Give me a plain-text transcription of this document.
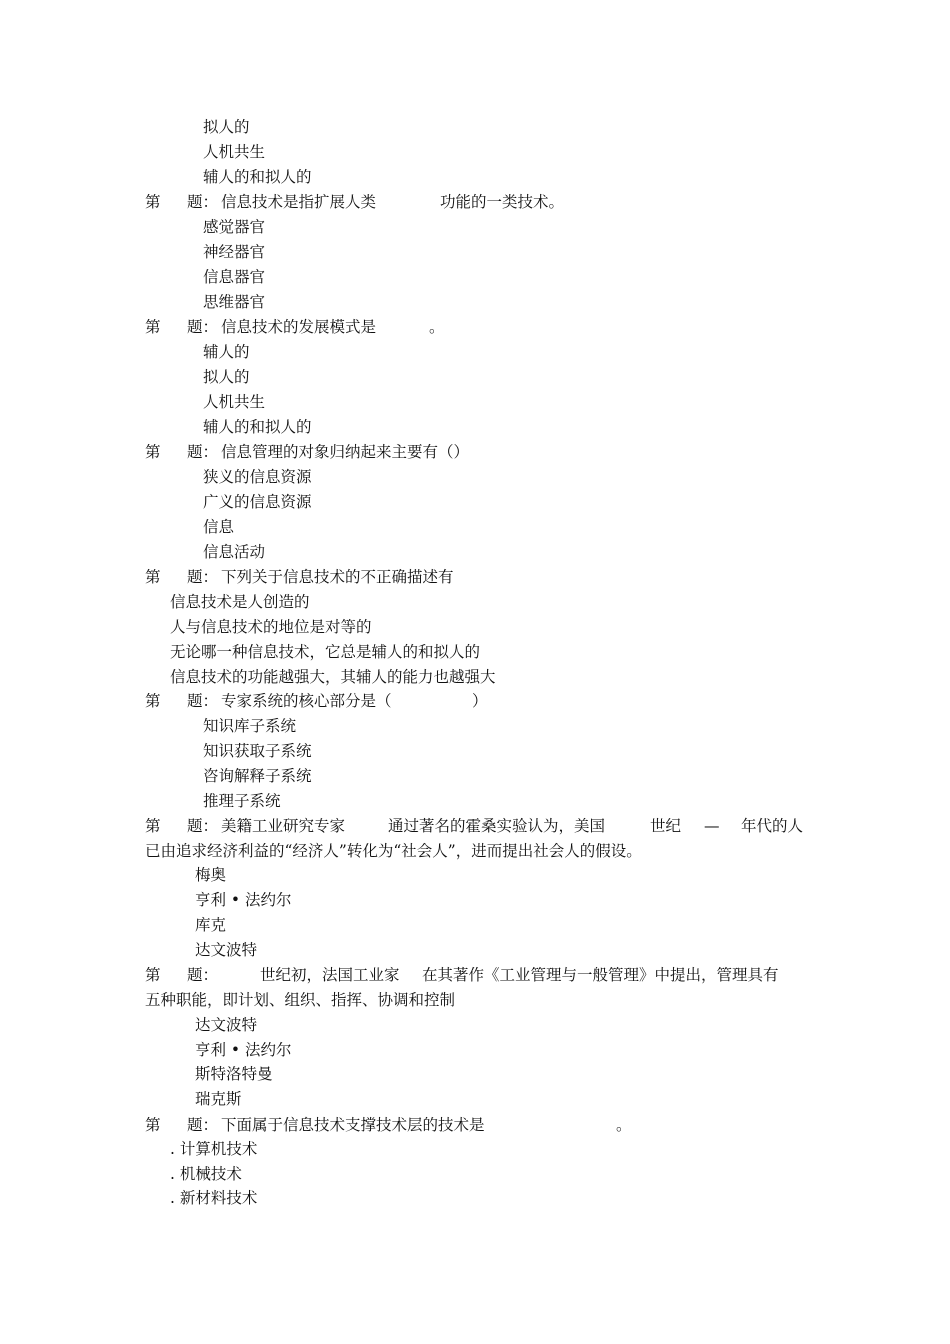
拟人的
人机共生
辅人的和拟人的
第 题： 信息技术是指扩展人类	功能的一类技术。
感觉器官
神经器官
信息器官
思维器官
第 题： 信息技术的发展模式是	。
辅人的
拟人的
人机共生
辅人的和拟人的
第 题： 信息管理的对象归纳起来主要有（）
狭义的信息资源
广义的信息资源
信息
信息活动
第 题： 下列关于信息技术的不正确描述有
信息技术是人创造的
人与信息技术的地位是对等的
无论哪一种信息技术，它总是辅人的和拟人的
信息技术的功能越强大，其辅人的能力也越强大
第 题： 专家系统的核心部分是（	）
知识库子系统
知识获取子系统
咨询解释子系统
推理子系统
第 题： 美籍工业研究专家	通过著名的霍桑实验认为，美国	世纪 — 年代的人
已由追求经济利益的“经济人”转化为“社会人”，进而提出社会人的假设。
梅奥
亨利 • 法约尔
库克
达文波特
第 题：	世纪初，法国工业家 在其著作《工业管理与一般管理》中提出，管理具有
五种职能，即计划、组织、指挥、协调和控制
达文波特
亨利 • 法约尔
斯特洛特曼
瑞克斯
第 题： 下面属于信息技术支撑技术层的技术是	。
. 计算机技术
. 机械技术
. 新材料技术
